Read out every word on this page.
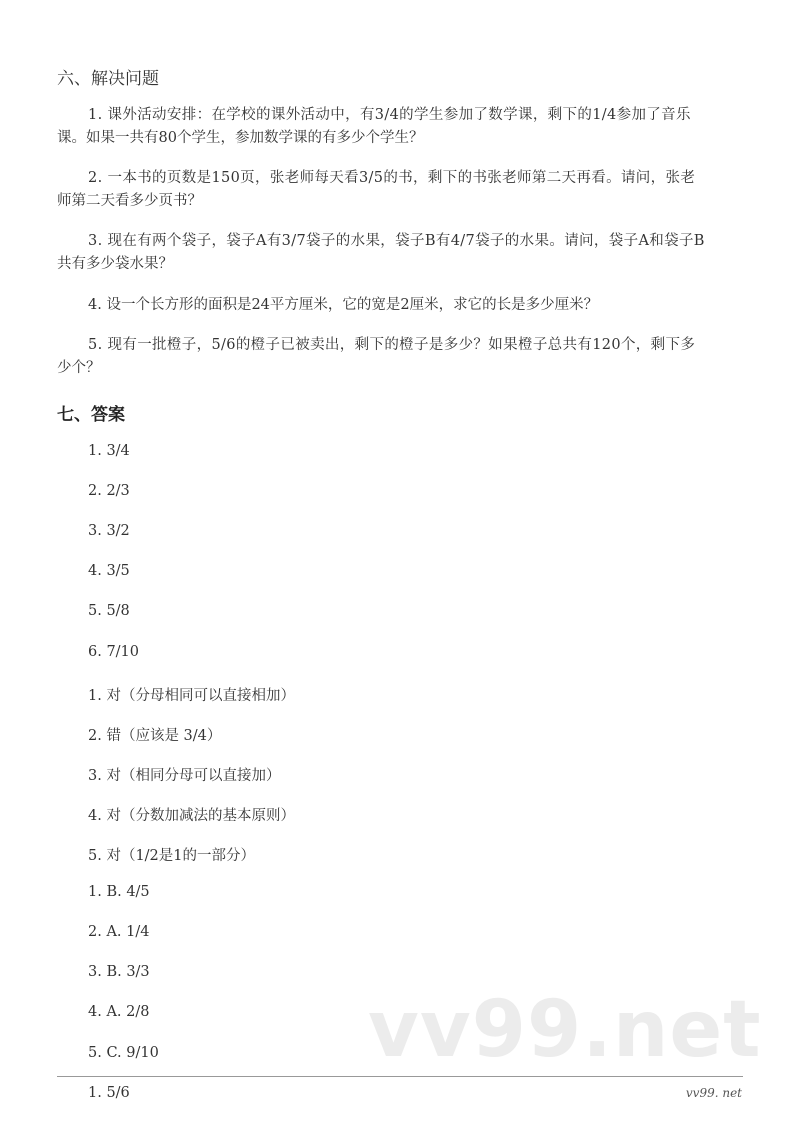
六、解决问题
1. 课外活动安排：在学校的课外活动中，有3/4的学生参加了数学课，剩下的1/4参加了音乐
课。如果一共有80个学生，参加数学课的有多少个学生？
2. 一本书的页数是150页，张老师每天看3/5的书，剩下的书张老师第二天再看。请问，张老
师第二天看多少页书？
3. 现在有两个袋子，袋子A有3/7袋子的水果，袋子B有4/7袋子的水果。请问，袋子A和袋子B
共有多少袋水果？
4. 设一个长方形的面积是24平方厘米，它的宽是2厘米，求它的长是多少厘米？
5. 现有一批橙子，5/6的橙子已被卖出，剩下的橙子是多少？如果橙子总共有120个，剩下多
少个？
七、答案
vv99.net
1. 3/4
2. 2/3
3. 3/2
4. 3/5
5. 5/8
6. 7/10
1. 对（分母相同可以直接相加）
2. 错（应该是 3/4）
3. 对（相同分母可以直接加）
4. 对（分数加减法的基本原则）
5. 对（1/2是1的一部分）
1. B. 4/5
2. A. 1/4
3. B. 3/3
4. A. 2/8
5. C. 9/10
1. 5/6	vv99. net
